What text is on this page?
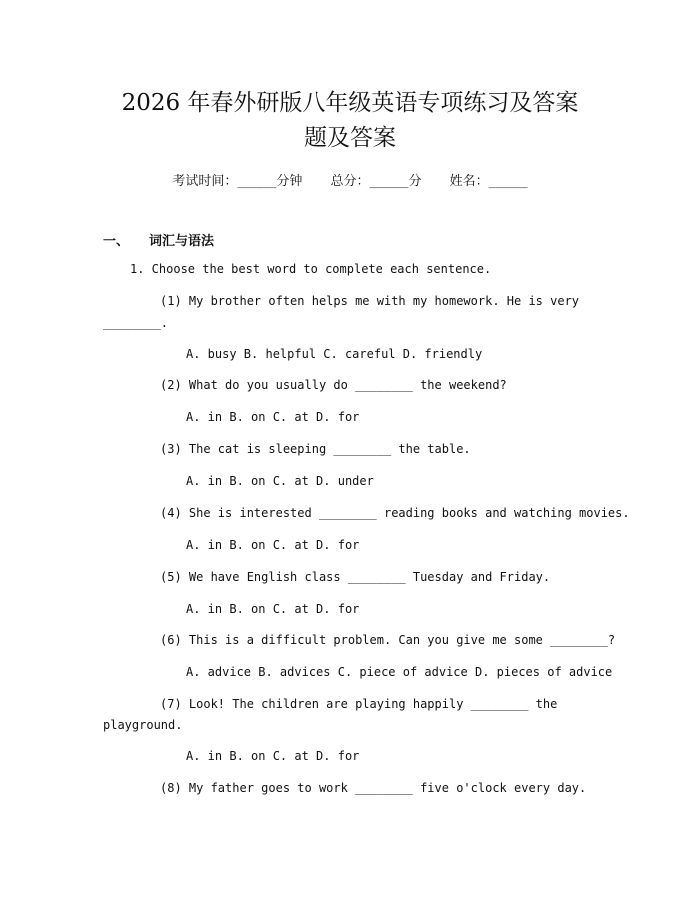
2026 年春外研版八年级英语专项练习及答案
题及答案
考试时间：______分钟 总分：______分 姓名：______
一、 词汇与语法
1. Choose the best word to complete each sentence.
(1) My brother often helps me with my homework. He is very
________.
A. busy B. helpful C. careful D. friendly
(2) What do you usually do ________ the weekend?
A. in B. on C. at D. for
(3) The cat is sleeping ________ the table.
A. in B. on C. at D. under
(4) She is interested ________ reading books and watching movies.
A. in B. on C. at D. for
(5) We have English class ________ Tuesday and Friday.
A. in B. on C. at D. for
(6) This is a difficult problem. Can you give me some ________?
A. advice B. advices C. piece of advice D. pieces of advice
(7) Look! The children are playing happily ________ the
playground.
A. in B. on C. at D. for
(8) My father goes to work ________ five o'clock every day.
